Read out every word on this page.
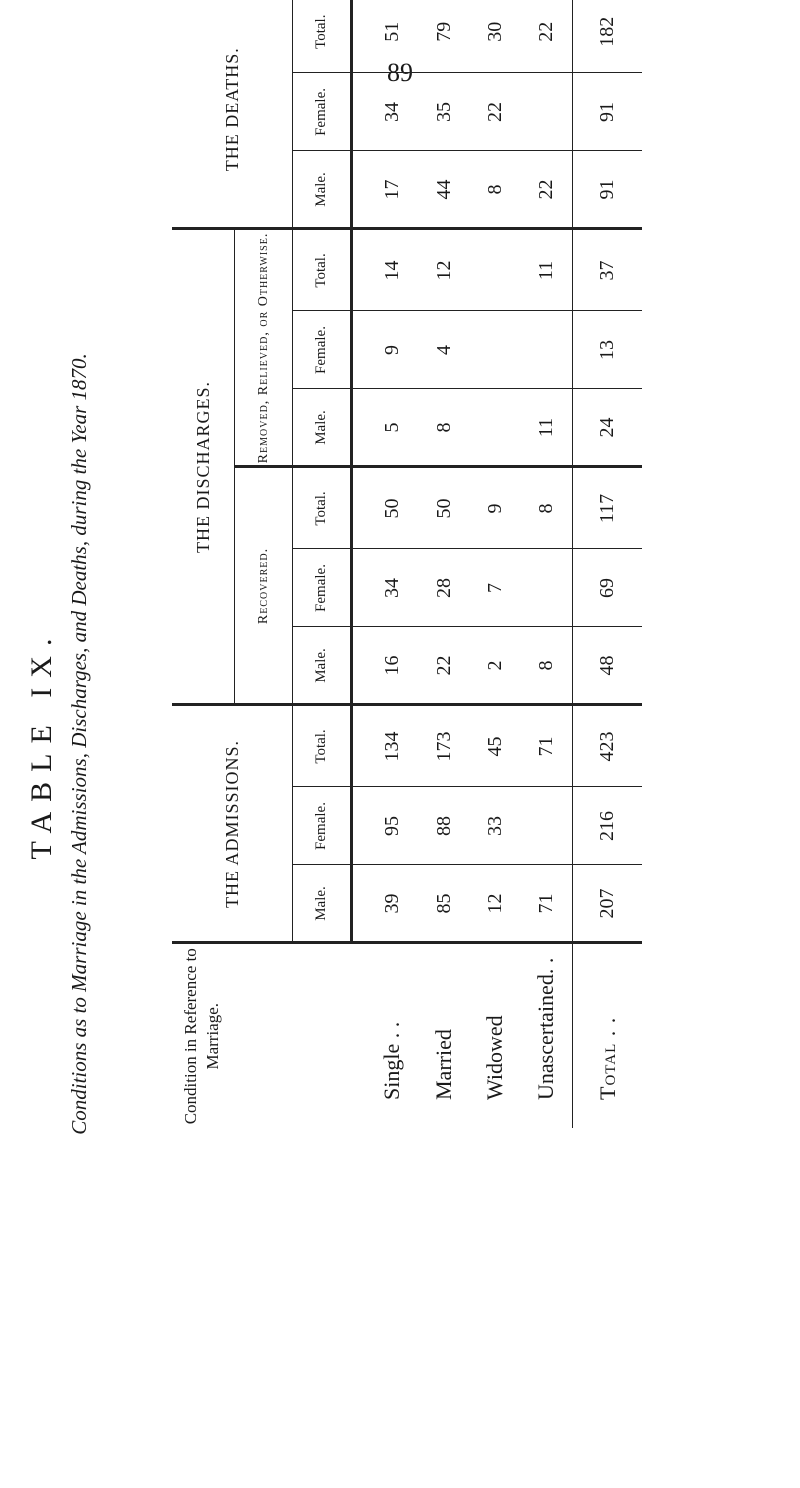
89
TABLE IX. Conditions as to Marriage in the Admissions, Discharges, and Deaths, during the Year 1870.	Condition in Reference to Marriage.	THE ADMISSIONS.			THE DISCHARGES.						THE DEATHS.		
				Recovered.			Removed, Relieved, or Otherwise.					
	Male.	Female.	Total.	Male.	Female.	Total.	Male.	Female.	Total.	Male.	Female.	Total.
Single . .	39	95	134	16	34	50	5	9	14	17	34	51
Married	85	88	173	22	28	50	8	4	12	44	35	79
Widowed	12	33	45	2	7	9				8	22	30
Unascertained. .	71		71	8		8	11		11	22		22
Total . .	207	216	423	48	69	117	24	13	37	91	91	182
